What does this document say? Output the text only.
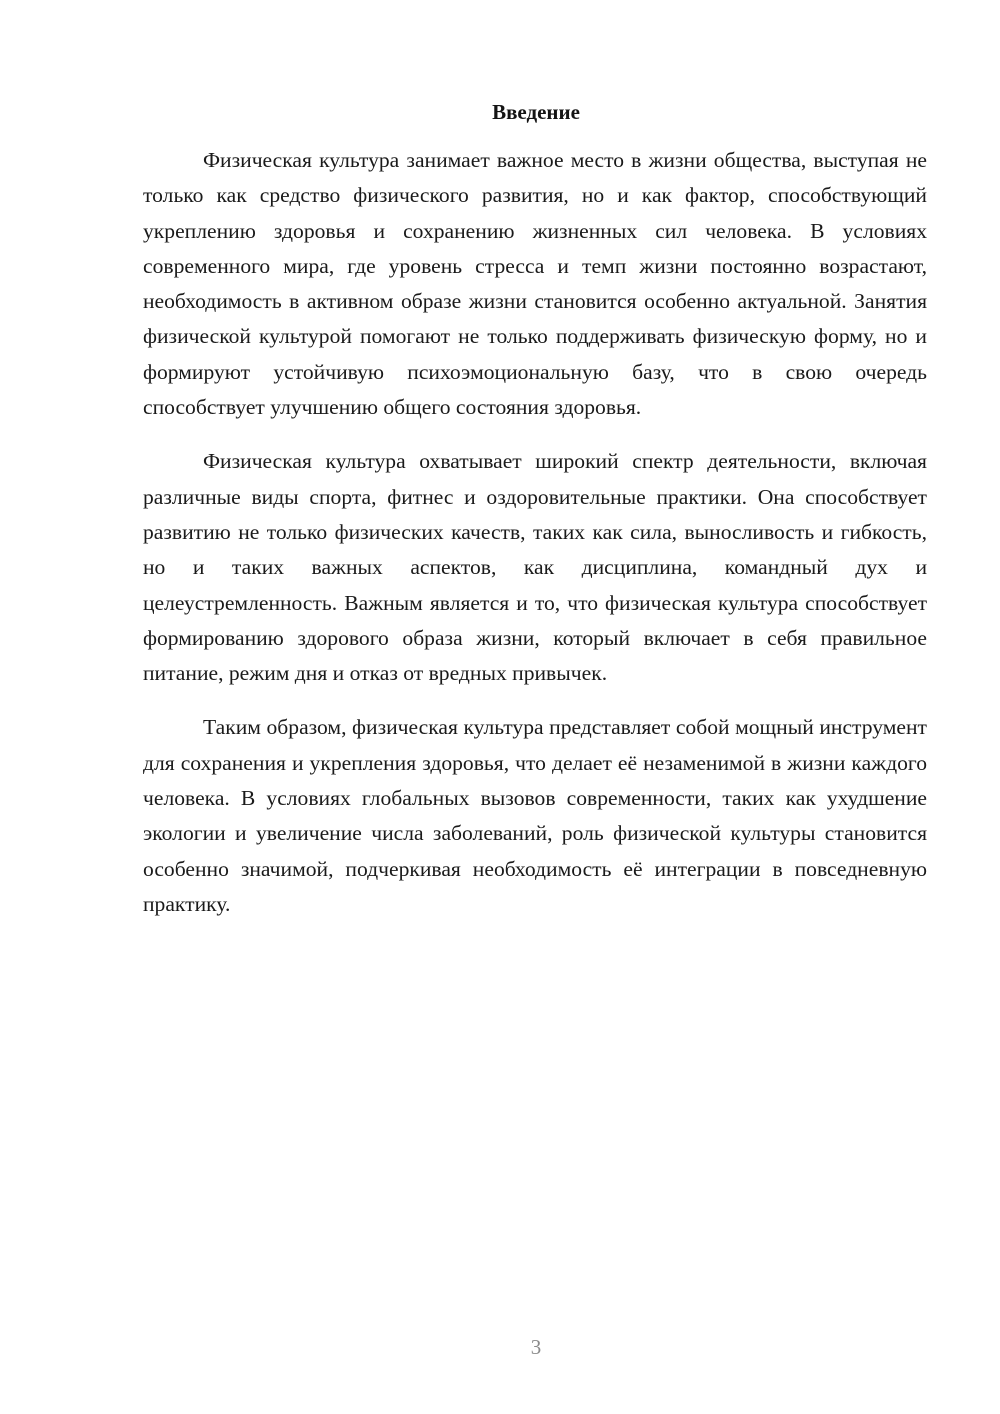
Введение

Физическая культура занимает важное место в жизни общества, выступая не только как средство физического развития, но и как фактор, способствующий укреплению здоровья и сохранению жизненных сил человека. В условиях современного мира, где уровень стресса и темп жизни постоянно возрастают, необходимость в активном образе жизни становится особенно актуальной. Занятия физической культурой помогают не только поддерживать физическую форму, но и формируют устойчивую психоэмоциональную базу, что в свою очередь способствует улучшению общего состояния здоровья.

Физическая культура охватывает широкий спектр деятельности, включая различные виды спорта, фитнес и оздоровительные практики. Она способствует развитию не только физических качеств, таких как сила, выносливость и гибкость, но и таких важных аспектов, как дисциплина, командный дух и целеустремленность. Важным является и то, что физическая культура способствует формированию здорового образа жизни, который включает в себя правильное питание, режим дня и отказ от вредных привычек.

Таким образом, физическая культура представляет собой мощный инструмент для сохранения и укрепления здоровья, что делает её незаменимой в жизни каждого человека. В условиях глобальных вызовов современности, таких как ухудшение экологии и увеличение числа заболеваний, роль физической культуры становится особенно значимой, подчеркивая необходимость её интеграции в повседневную практику.

3
